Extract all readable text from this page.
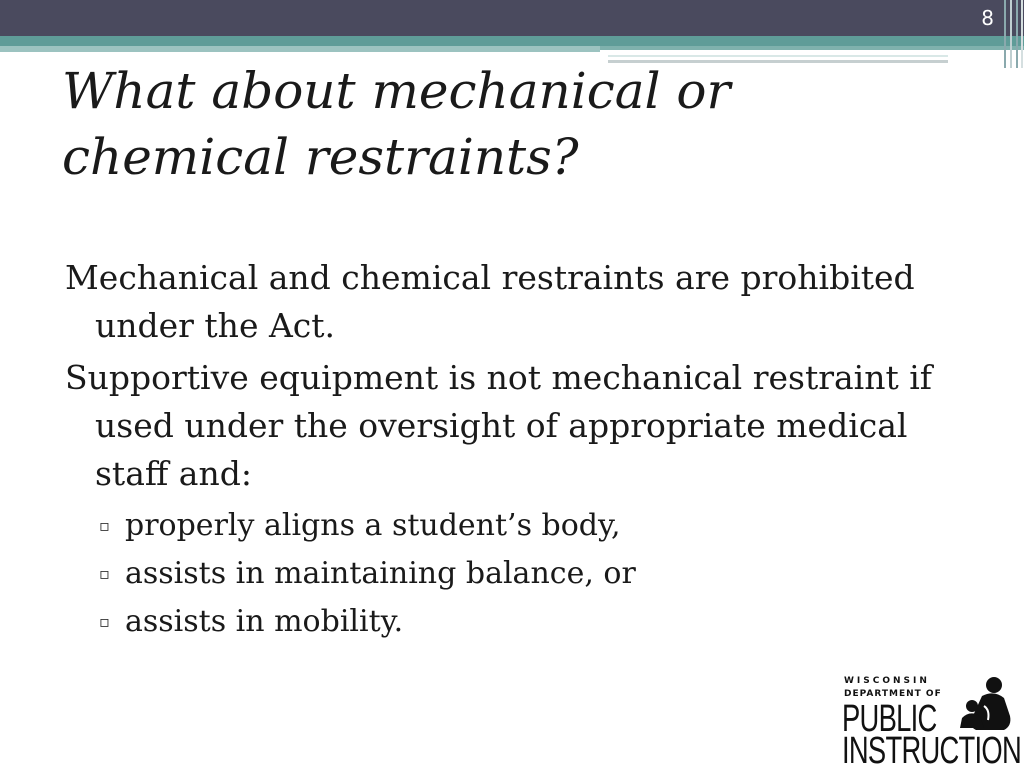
8
What about mechanical or
chemical restraints?

Mechanical and chemical restraints are prohibited under the Act.

Supportive equipment is not mechanical restraint if used under the oversight of appropriate medical staff and:

▫ properly aligns a student’s body,
▫ assists in maintaining balance, or
▫ assists in mobility.
WISCONSIN
DEPARTMENT OF
PUBLIC
INSTRUCTION
